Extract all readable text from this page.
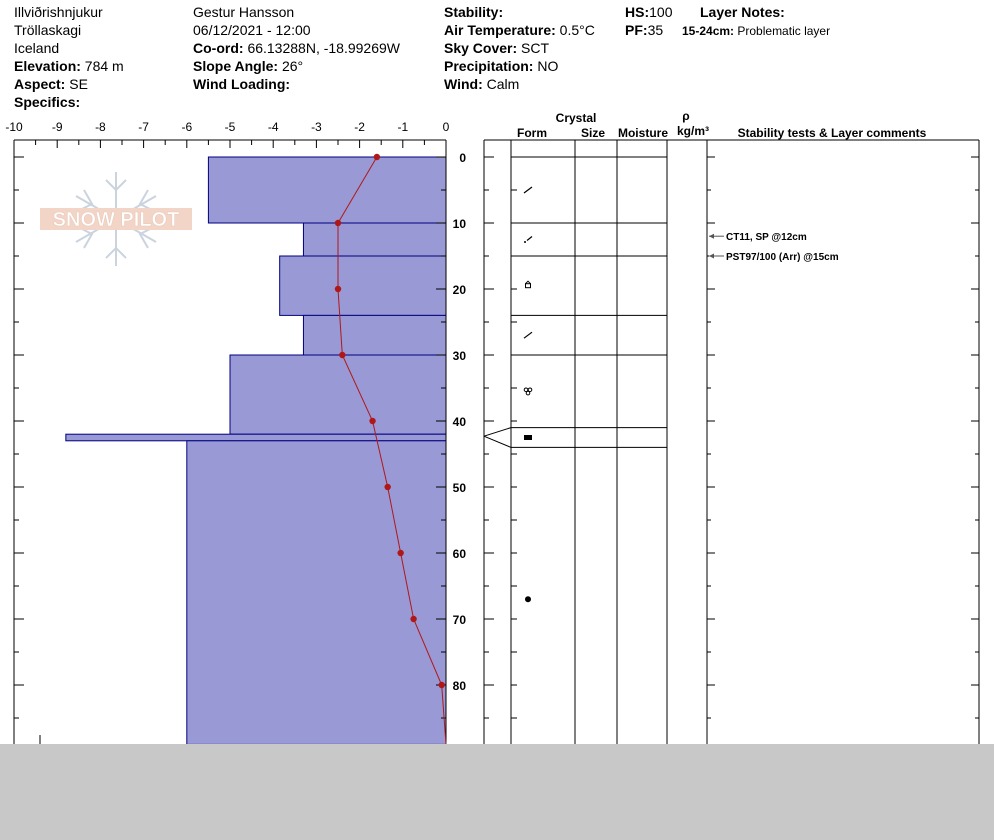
Illviðrishnjukur
Tröllaskagi
Iceland
Elevation: 784 m
Aspect: SE
Specifics:
Gestur Hansson
06/12/2021 - 12:00
Co-ord: 66.13288N, -18.99269W
Slope Angle: 26°
Wind Loading:
Stability:
Air Temperature: 0.5°C
Sky Cover: SCT
Precipitation: NO
Wind: Calm
HS:100
PF:35
Layer Notes:
15-24cm: Problematic layer
SNOW PILOT
-10 -9	-8	-7	-6	-5	-4	-3	-2	-1	0
0
10
20
30
40
50
60
70
80
Crystal
Form	Size Moisture
ρ
kg/m³ Stability tests & Layer comments
CT11, SP @12cm
PST97/100 (Arr) @15cm
